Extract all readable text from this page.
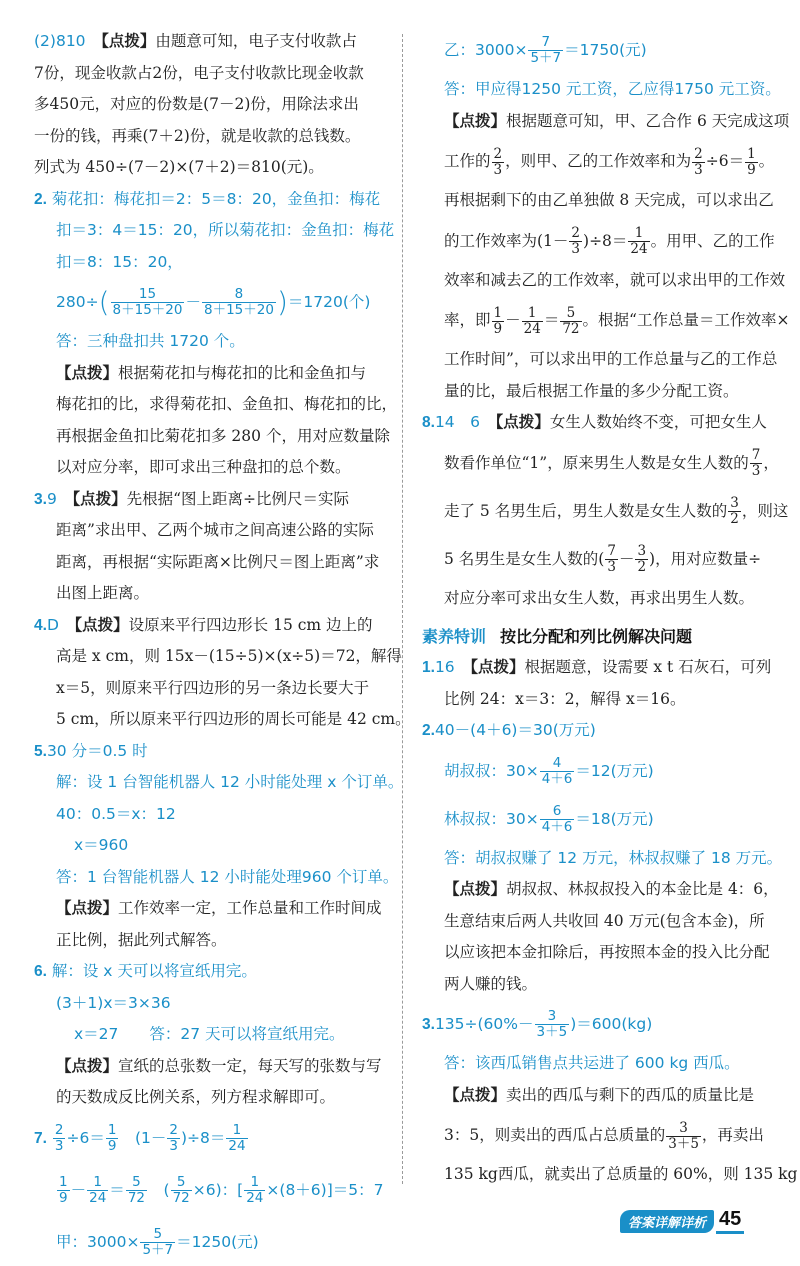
(2)810　 【点拨】由题意可知，电子支付收款占
7份，现金收款占2份，电子支付收款比现金收款
多450元，对应的份数是(7－2)份，用除法求出
一份的钱，再乘(7＋2)份，就是收款的总钱数。
列式为 450÷(7－2)×(7＋2)＝810(元)。
2. 菊花扣：梅花扣＝2：5＝8：20，金鱼扣：梅花
扣＝3：4＝15：20，所以菊花扣：金鱼扣：梅花
扣＝8：15：20，
$280\div( \frac{15}{8+15+20} - \frac{8}{8+15+20} )=1720$(个)
答：三种盘扣共 1720 个。
【点拨】根据菊花扣与梅花扣的比和金鱼扣与
梅花扣的比，求得菊花扣、金鱼扣、梅花扣的比，
再根据金鱼扣比菊花扣多 280 个，用对应数量除
以对应分率，即可求出三种盘扣的总个数。
3.9　 【点拨】先根据“图上距离÷比例尺＝实际
距离”求出甲、乙两个城市之间高速公路的实际
距离，再根据“实际距离×比例尺＝图上距离”求
出图上距离。
4.D　 【点拨】设原来平行四边形长 15 cm 边上的
高是 x cm，则 15x－(15÷5)×(x÷5)＝72，解得
x＝5，则原来平行四边形的另一条边长要大于
5 cm，所以原来平行四边形的周长可能是 42 cm。
5.30 分＝0.5 时
解：设 1 台智能机器人 12 小时能处理 x 个订单。
40：0.5＝x：12
x＝960
答：1 台智能机器人 12 小时能处理960 个订单。
【点拨】工作效率一定，工作总量和工作时间成
正比例，据此列式解答。
6. 解：设 x 天可以将宣纸用完。
(3＋1)x＝3×36
x＝27　　答：27 天可以将宣纸用完。
【点拨】宣纸的总张数一定，每天写的张数与写
的天数成反比例关系，列方程求解即可。
7. $\frac{2}{3} \div 6= \frac{1}{9}$
　 $(1- \frac{2}{3} )\div 8= \frac{1}{24}$
$\frac{1}{9} - \frac{1}{24} = \frac{5}{72}$
　 ( $\frac{5}{72} \times 6$)：[ $\frac{1}{24} \times(8+6)]=5$：7
甲：$3000\times \frac{5}{5+7} =1250$(元)
乙：$3000\times \frac{7}{5+7} =1750$(元)
答：甲应得1250 元工资，乙应得1750 元工资。
【点拨】根据题意可知，甲、乙合作 6 天完成这项
工作的 $\frac{2}{3}$ ，则甲、乙的工作效率和为 $\frac{2}{3} \div 6= \frac{1}{9}$ 。
再根据剩下的由乙单独做 8 天完成，可以求出乙
的工作效率为$(1- \frac{2}{3} )\div 8= \frac{1}{24}$ 。用甲、乙的工作
效率和减去乙的工作效率，就可以求出甲的工作效
率，即 $\frac{1}{9} - \frac{1}{24} = \frac{5}{72}$ 。根据“工作总量＝工作效率×
工作时间”，可以求出甲的工作总量与乙的工作总
量的比，最后根据工作量的多少分配工资。
8.14　6　 【点拨】女生人数始终不变，可把女生人
数看作单位“1”，原来男生人数是女生人数的 $\frac{7}{3}$ ，
走了 5 名男生后，男生人数是女生人数的 $\frac{3}{2}$ ，则这
5 名男生是女生人数的( $\frac{7}{3} - \frac{3}{2}$ )，用对应数量÷
对应分率可求出女生人数，再求出男生人数。
素养特训 按比分配和列比例解决问题
1.16　 【点拨】根据题意，设需要 x t 石灰石，可列
比例 24：x＝3：2，解得 x＝16。
2.40－(4＋6)＝30(万元)
胡叔叔：$30\times \frac{4}{4+6} =12$(万元)
林叔叔：$30\times \frac{6}{4+6} =18$(万元)
答：胡叔叔赚了 12 万元，林叔叔赚了 18 万元。
【点拨】胡叔叔、林叔叔投入的本金比是 4：6，
生意结束后两人共收回 40 万元(包含本金)，所
以应该把本金扣除后，再按照本金的投入比分配
两人赚的钱。
$3.135\div(60\%- \frac{3}{3+5} )=600(kg)$
答：该西瓜销售点共运进了 600 kg 西瓜。
【点拨】卖出的西瓜与剩下的西瓜的质量比是
3：5，则卖出的西瓜占总质量的 $\frac{3}{3+5}$ ，再卖出
135 kg西瓜，就卖出了总质量的 60%，则 135 kg
答案详解详析 45
